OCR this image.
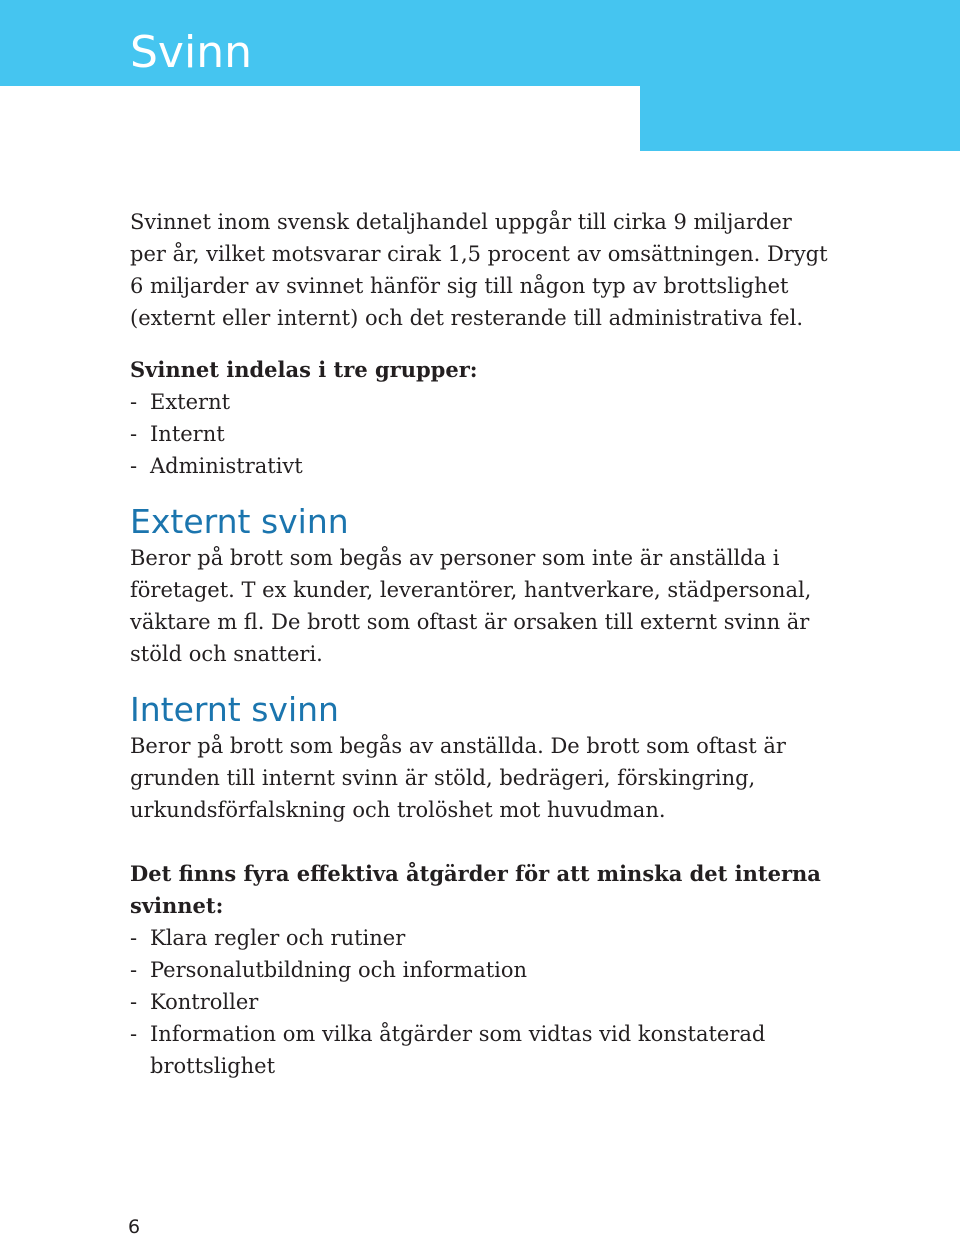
Svinn

Svinnet inom svensk detaljhandel uppgår till cirka 9 miljarder per år, vilket motsvarar cirak 1,5 procent av omsättningen. Drygt 6 miljarder av svinnet hänför sig till någon typ av brottslighet (externt eller internt) och det resterande till administrativa fel.

Svinnet indelas i tre grupper:

- Externt
- Internt
- Administrativt
Externt svinn

Beror på brott som begås av personer som inte är anställda i företaget. T ex kunder, leverantörer, hantverkare, städpersonal, väktare m fl. De brott som oftast är orsaken till externt svinn är stöld och snatteri.

Internt svinn

Beror på brott som begås av anställda. De brott som oftast är grunden till internt svinn är stöld, bedrägeri, förskingring, urkundsförfalskning och trolöshet mot huvudman.

Det finns fyra effektiva åtgärder för att minska det interna svinnet:

- Klara regler och rutiner
- Personalutbildning och information
- Kontroller
- Information om vilka åtgärder som vidtas vid konstaterad brottslighet
6
